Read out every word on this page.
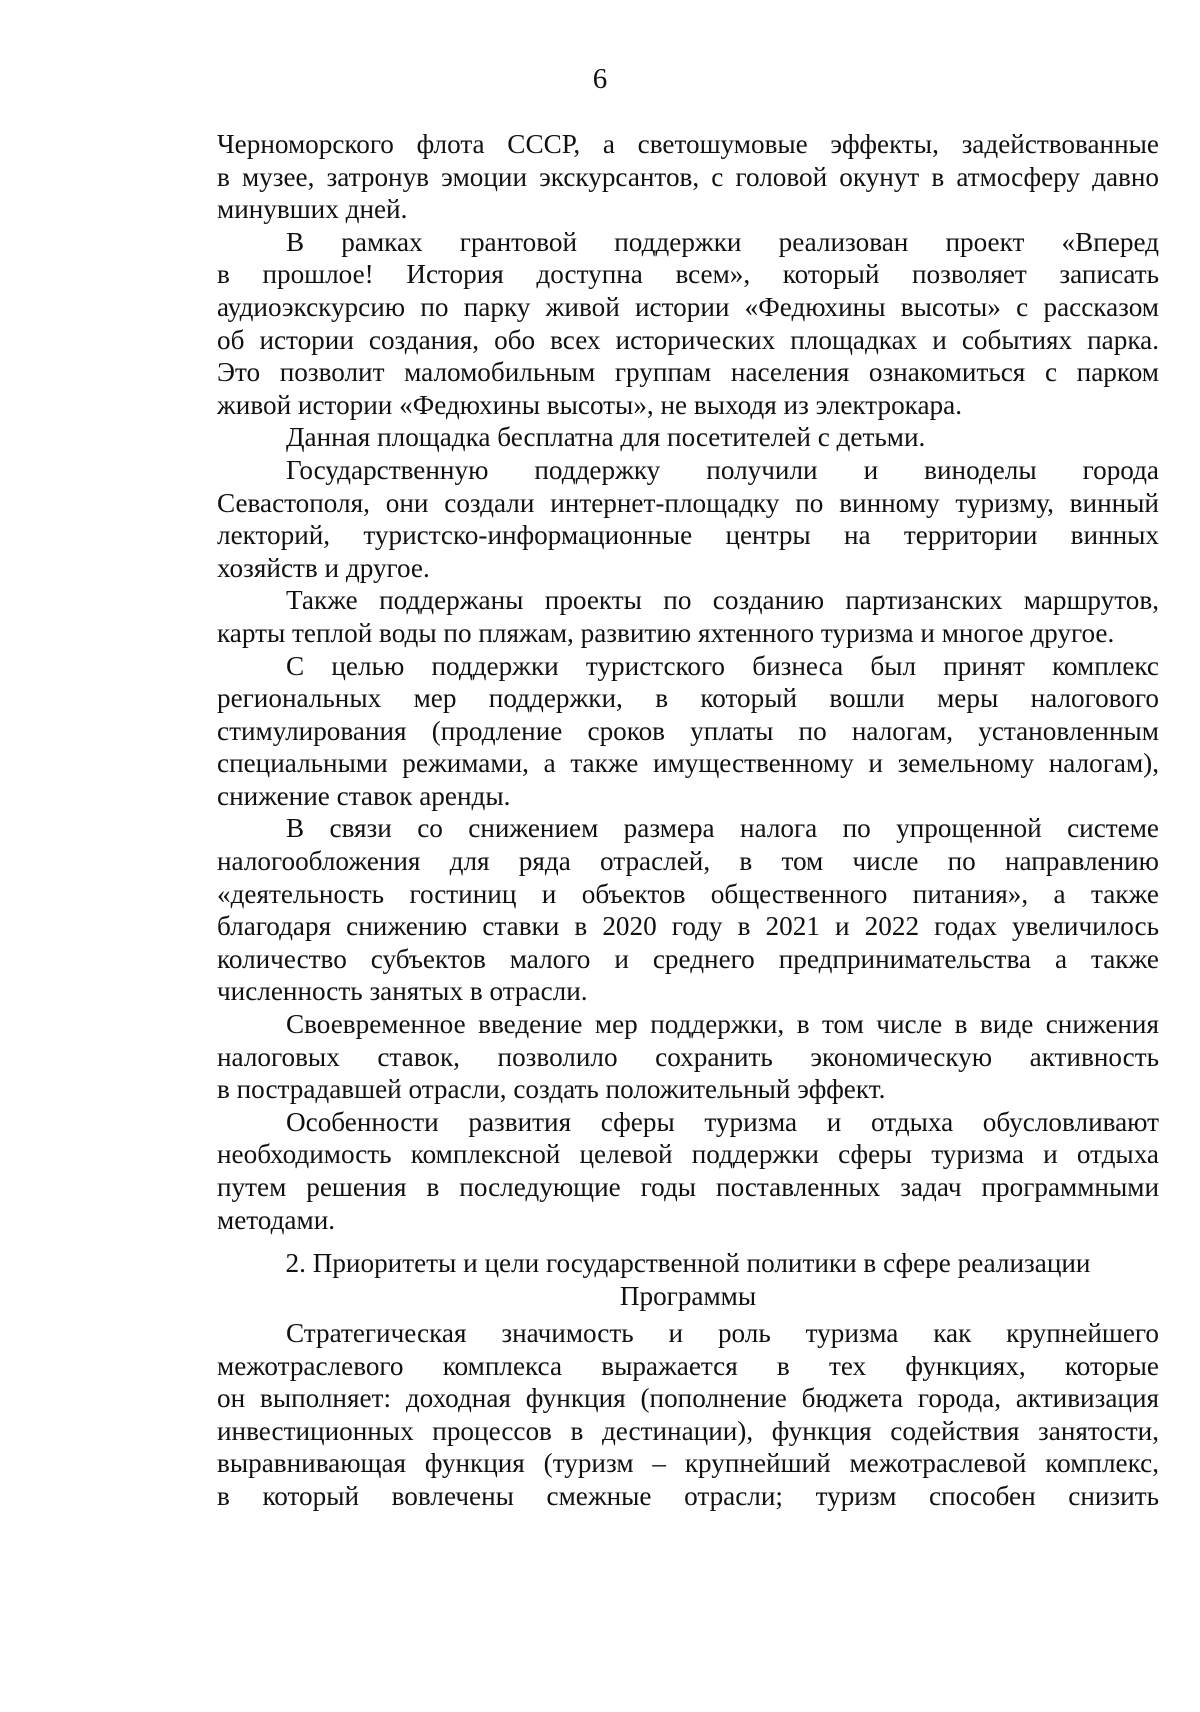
6
Черноморского флота СССР, а светошумовые эффекты, задействованные
в музее, затронув эмоции экскурсантов, с головой окунут в атмосферу давно
минувших дней.
В рамках грантовой поддержки реализован проект «Вперед
в прошлое! История доступна всем», который позволяет записать
аудиоэкскурсию по парку живой истории «Федюхины высоты» с рассказом
об истории создания, обо всех исторических площадках и событиях парка.
Это позволит маломобильным группам населения ознакомиться с парком
живой истории «Федюхины высоты», не выходя из электрокара.
Данная площадка бесплатна для посетителей с детьми.
Государственную поддержку получили и виноделы города
Севастополя, они создали интернет-площадку по винному туризму, винный
лекторий, туристско-информационные центры на территории винных
хозяйств и другое.
Также поддержаны проекты по созданию партизанских маршрутов,
карты теплой воды по пляжам, развитию яхтенного туризма и многое другое.
С целью поддержки туристского бизнеса был принят комплекс
региональных мер поддержки, в который вошли меры налогового
стимулирования (продление сроков уплаты по налогам, установленным
специальными режимами, а также имущественному и земельному налогам),
снижение ставок аренды.
В связи со снижением размера налога по упрощенной системе
налогообложения для ряда отраслей, в том числе по направлению
«деятельность гостиниц и объектов общественного питания», а также
благодаря снижению ставки в 2020 году в 2021 и 2022 годах увеличилось
количество субъектов малого и среднего предпринимательства а также
численность занятых в отрасли.
Своевременное введение мер поддержки, в том числе в виде снижения
налоговых ставок, позволило сохранить экономическую активность
в пострадавшей отрасли, создать положительный эффект.
Особенности развития сферы туризма и отдыха обусловливают
необходимость комплексной целевой поддержки сферы туризма и отдыха
путем решения в последующие годы поставленных задач программными
методами.
2. Приоритеты и цели государственной политики в сфере реализации
Программы
Стратегическая значимость и роль туризма как крупнейшего
межотраслевого комплекса выражается в тех функциях, которые
он выполняет: доходная функция (пополнение бюджета города, активизация
инвестиционных процессов в дестинации), функция содействия занятости,
выравнивающая функция (туризм – крупнейший межотраслевой комплекс,
в который вовлечены смежные отрасли; туризм способен снизить
